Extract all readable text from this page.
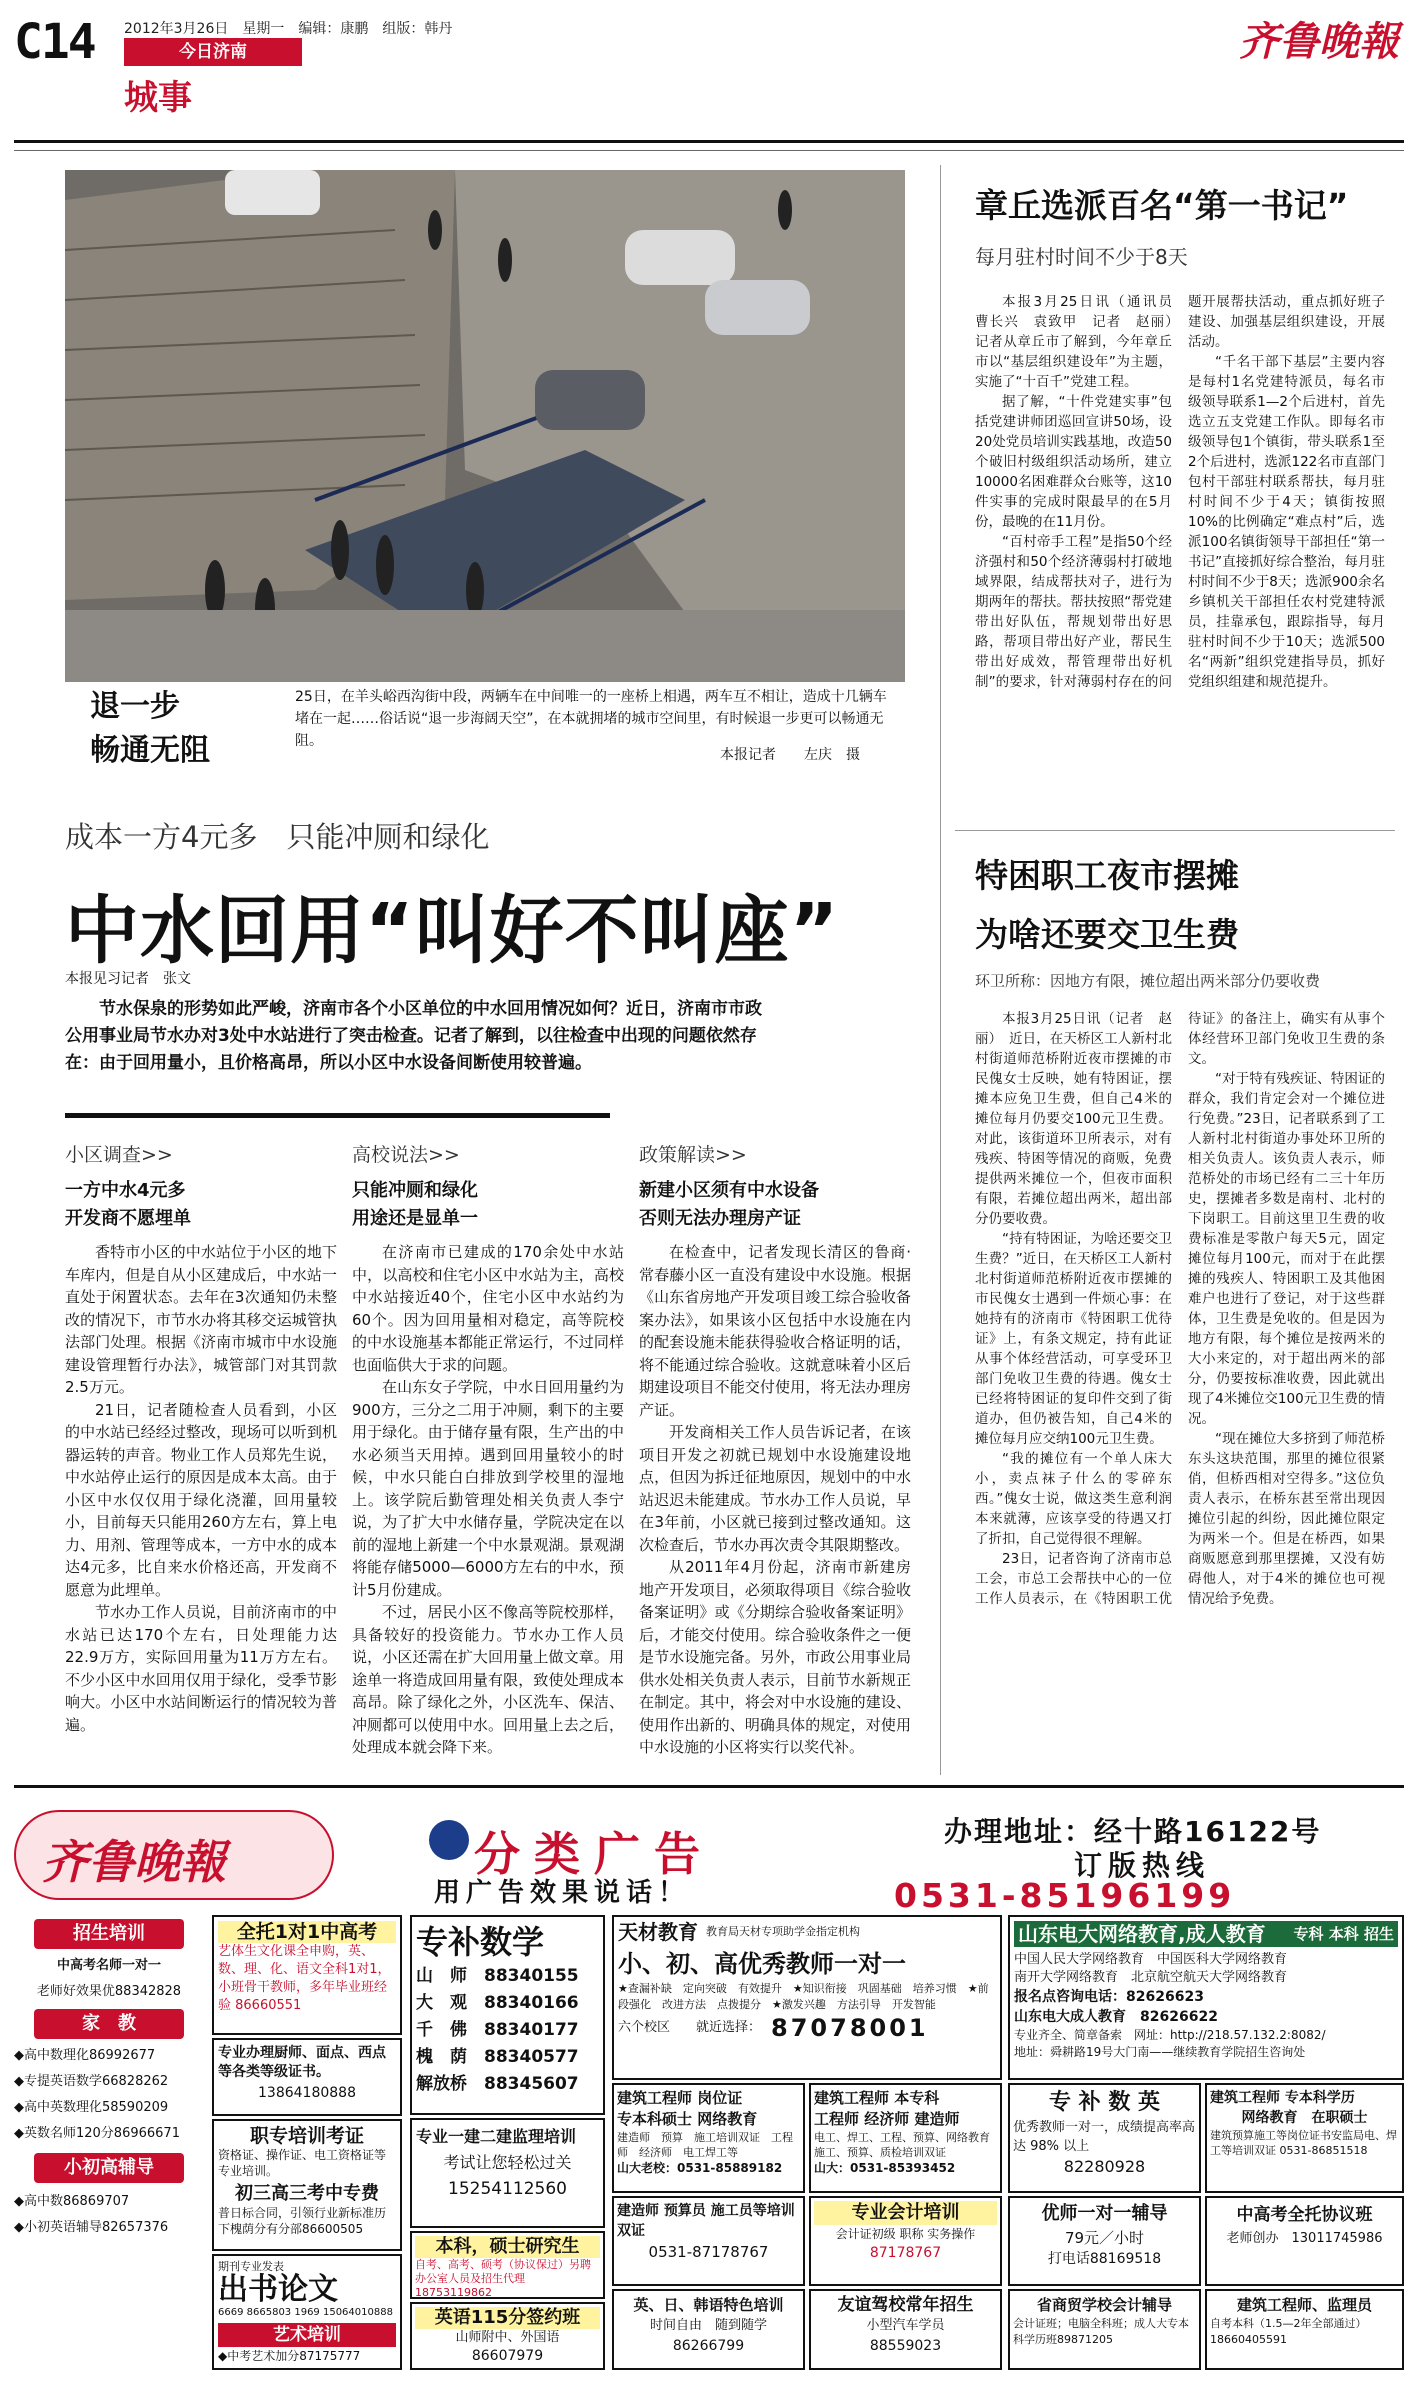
C14 2012年3月26日　星期一　编辑：康鹏　组版：韩丹
今日济南
城事
齐鲁晚報
退一步
畅通无阻
25日，在羊头峪西沟街中段，两辆车在中间唯一的一座桥上相遇，两车互不相让，造成十几辆车堵在一起……俗话说“退一步海阔天空”，在本就拥堵的城市空间里，有时候退一步更可以畅通无阻。
本报记者　　左庆　摄
成本一方4元多　只能冲厕和绿化
中水回用“叫好不叫座”
本报见习记者　张文
节水保泉的形势如此严峻，济南市各个小区单位的中水回用情况如何？近日，济南市市政公用事业局节水办对3处中水站进行了突击检查。记者了解到，以往检查中出现的问题依然存在：由于回用量小，且价格高昂，所以小区中水设备间断使用较普遍。
小区调查>>
一方中水4元多
开发商不愿埋单

香特市小区的中水站位于小区的地下车库内，但是自从小区建成后，中水站一直处于闲置状态。去年在3次通知仍未整改的情况下，市节水办将其移交运城管执法部门处理。根据《济南市城市中水设施建设管理暂行办法》，城管部门对其罚款2.5万元。

21日，记者随检查人员看到，小区的中水站已经经过整改，现场可以听到机器运转的声音。物业工作人员郑先生说，中水站停止运行的原因是成本太高。由于小区中水仅仅用于绿化浇灌，回用量较小，目前每天只能用260方左右，算上电力、用剂、管理等成本，一方中水的成本达4元多，比自来水价格还高，开发商不愿意为此埋单。

节水办工作人员说，目前济南市的中水站已达170个左右，日处理能力达22.9万方，实际回用量为11万方左右。不少小区中水回用仅用于绿化，受季节影响大。小区中水站间断运行的情况较为普遍。

高校说法>>
只能冲厕和绿化
用途还是显单一

在济南市已建成的170余处中水站中，以高校和住宅小区中水站为主，高校中水站接近40个，住宅小区中水站约为60个。因为回用量相对稳定，高等院校的中水设施基本都能正常运行，不过同样也面临供大于求的问题。

在山东女子学院，中水日回用量约为900方，三分之二用于冲厕，剩下的主要用于绿化。由于储存量有限，生产出的中水必须当天用掉。遇到回用量较小的时候，中水只能白白排放到学校里的湿地上。该学院后勤管理处相关负责人李宁说，为了扩大中水储存量，学院决定在以前的湿地上新建一个中水景观湖。景观湖将能存储5000—6000方左右的中水，预计5月份建成。

不过，居民小区不像高等院校那样，具备较好的投资能力。节水办工作人员说，小区还需在扩大回用量上做文章。用途单一将造成回用量有限，致使处理成本高昂。除了绿化之外，小区洗车、保洁、冲厕都可以使用中水。回用量上去之后，处理成本就会降下来。

政策解读>>
新建小区须有中水设备
否则无法办理房产证

在检查中，记者发现长清区的鲁商·常春藤小区一直没有建设中水设施。根据《山东省房地产开发项目竣工综合验收备案办法》，如果该小区包括中水设施在内的配套设施未能获得验收合格证明的话，将不能通过综合验收。这就意味着小区后期建设项目不能交付使用，将无法办理房产证。

开发商相关工作人员告诉记者，在该项目开发之初就已规划中水设施建设地点，但因为拆迁征地原因，规划中的中水站迟迟未能建成。节水办工作人员说，早在3年前，小区就已接到过整改通知。这次检查后，节水办再次责令其限期整改。

从2011年4月份起，济南市新建房地产开发项目，必须取得项目《综合验收备案证明》或《分期综合验收备案证明》后，才能交付使用。综合验收条件之一便是节水设施完备。另外，市政公用事业局供水处相关负责人表示，目前节水新规正在制定。其中，将会对中水设施的建设、使用作出新的、明确具体的规定，对使用中水设施的小区将实行以奖代补。

章丘选派百名“第一书记”
每月驻村时间不少于8天

本报3月25日讯（通讯员　曹长兴　袁致甲　记者　赵丽）　记者从章丘市了解到，今年章丘市以“基层组织建设年”为主题，实施了“十百千”党建工程。

据了解，“十件党建实事”包括党建讲师团巡回宣讲50场，设20处党员培训实践基地，改造50个破旧村级组织活动场所，建立10000名困难群众台账等，这10件实事的完成时限最早的在5月份，最晚的在11月份。

“百村帝手工程”是指50个经济强村和50个经济薄弱村打破地域界限，结成帮扶对子，进行为期两年的帮扶。帮扶按照“帮党建带出好队伍，帮规划带出好思路，帮项目带出好产业，帮民生带出好成效，帮管理带出好机制”的要求，针对薄弱村存在的问题开展帮扶活动，重点抓好班子建设、加强基层组织建设，开展活动。

“千名干部下基层”主要内容是每村1名党建特派员，每名市级领导联系1—2个后进村，首先选立五支党建工作队。即每名市级领导包1个镇街，带头联系1至2个后进村，选派122名市直部门包村干部驻村联系帮扶，每月驻村时间不少于4天；镇街按照10%的比例确定“难点村”后，选派100名镇街领导干部担任“第一书记”直接抓好综合整治，每月驻村时间不少于8天；选派900余名乡镇机关干部担任农村党建特派员，挂靠承包，跟踪指导，每月驻村时间不少于10天；选派500名“两新”组织党建指导员，抓好党组织组建和规范提升。

特困职工夜市摆摊
为啥还要交卫生费
环卫所称：因地方有限，摊位超出两米部分仍要收费

本报3月25日讯（记者　赵丽）　近日，在天桥区工人新村北村街道师范桥附近夜市摆摊的市民傀女士反映，她有特困证，摆摊本应免卫生费，但自己4米的摊位每月仍要交100元卫生费。对此，该街道环卫所表示，对有残疾、特困等情况的商贩，免费提供两米摊位一个，但夜市面积有限，若摊位超出两米，超出部分仍要收费。

“持有特困证，为啥还要交卫生费？”近日，在天桥区工人新村北村街道师范桥附近夜市摆摊的市民傀女士遇到一件烦心事：在她持有的济南市《特困职工优待证》上，有条文规定，持有此证从事个体经营活动，可享受环卫部门免收卫生费的待遇。傀女士已经将特困证的复印件交到了街道办，但仍被告知，自己4米的摊位每月应交纳100元卫生费。

“我的摊位有一个单人床大小，卖点袜子什么的零碎东西。”傀女士说，做这类生意利润本来就薄，应该享受的待遇又打了折扣，自己觉得很不理解。

23日，记者咨询了济南市总工会，市总工会帮扶中心的一位工作人员表示，在《特困职工优待证》的备注上，确实有从事个体经营环卫部门免收卫生费的条文。

“对于特有残疾证、特困证的群众，我们肯定会对一个摊位进行免费。”23日，记者联系到了工人新村北村街道办事处环卫所的相关负责人。该负责人表示，师范桥处的市场已经有二三十年历史，摆摊者多数是南村、北村的下岗职工。目前这里卫生费的收费标准是零散户每天5元，固定摊位每月100元，而对于在此摆摊的残疾人、特困职工及其他困难户也进行了登记，对于这些群体，卫生费是免收的。但是因为地方有限，每个摊位是按两米的大小来定的，对于超出两米的部分，仍要按标准收费，因此就出现了4米摊位交100元卫生费的情况。

“现在摊位大多挤到了师范桥东头这块范围，那里的摊位很紧俏，但桥西相对空得多。”这位负责人表示，在桥东甚至常出现因摊位引起的纠纷，因此摊位限定为两米一个。但是在桥西，如果商贩愿意到那里摆摊，又没有妨碍他人，对于4米的摊位也可视情况给予免费。

齐鲁晚報	分类广告
用广告效果说话！
办理地址：经十路16122号
订版热线
0531-85196199
招生培训
中高考名师一对一
老师好效果优88342828
家　教
◆高中数理化86992677
◆专提英语数学66828262
◆高中英数理化58590209
◆英数名师120分86966671
小初高辅导
◆高中数86869707
◆小初英语辅导82657376
全托1对1中高考
艺体生文化课全申购，英、数、理、化、语文全科1对1，小班骨干教师，多年毕业班经验 86660551
专业办理厨师、面点、西点等各类等级证书。
13864180888
职专培训考证
资格证、操作证、电工资格证等专业培训。
初三高三考中专费
普日标合同，引领行业新标准历下槐荫分有分部86600505
期刊专业发表
出书论文
6669 8665803 1969 15064010888
艺术培训
◆中考艺术加分87175777
专补数学
山　师　 88340155
大　观　 88340166
千　佛　 88340177
槐　荫　 88340577
解放桥　 88345607
专业一建二建监理培训
考试让您轻松过关
15254112560
本科，硕士研究生
自考、高考、硕考（协议保过）另聘办公室人员及招生代理 18753119862
英语115分签约班
山师附中、外国语
86607979
天材教育 教育局天材专项助学金指定机构
小、初、高优秀教师一对一
★查漏补缺　定向突破　有效提升　★知识衔接　巩固基础　培养习惯　★前段强化　改进方法　点拨提分　★激发兴趣　方法引导　开发智能
六个校区　　就近选择： 87078001
建筑工程师 岗位证
专本科硕士 网络教育
建造师　预算　施工培训双证　工程师　经济师　电工焊工等
山大老校：0531-85889182
建筑工程师 本专科
工程师 经济师 建造师
电工、焊工、工程、预算、网络教育施工、预算、质检培训双证
山大：0531-85393452
建造师 预算员 施工员等培训双证
0531-87178767
专业会计培训
会计证初级 职称 实务操作
87178767
英、日、韩语特色培训
时间自由　随到随学
86266799
友谊驾校常年招生
小型汽车学员
88559023
山东电大网络教育,成人教育 专科 本科 招生
中国人民大学网络教育　中国医科大学网络教育
南开大学网络教育　北京航空航天大学网络教育
报名点咨询电话：82626623
山东电大成人教育　82626622
专业齐全、简章备索　网址：http://218.57.132.2:8082/
地址：舜耕路19号大门南——继续教育学院招生咨询处
专 补 数 英
优秀教师一对一，成绩提高率高达 98% 以上
82280928
建筑工程师 专本科学历
网络教育　在职硕士
建筑预算施工等岗位证书安监局电、焊工等培训双证 0531-86851518
优师一对一辅导
79元／小时
打电话88169518
中高考全托协议班
老师创办　13011745986
省商贸学校会计辅导
会计证班；电脑全科班；成人大专本科学历班89871205
建筑工程师、监理员
自考本科（1.5—2年全部通过）18660405591
